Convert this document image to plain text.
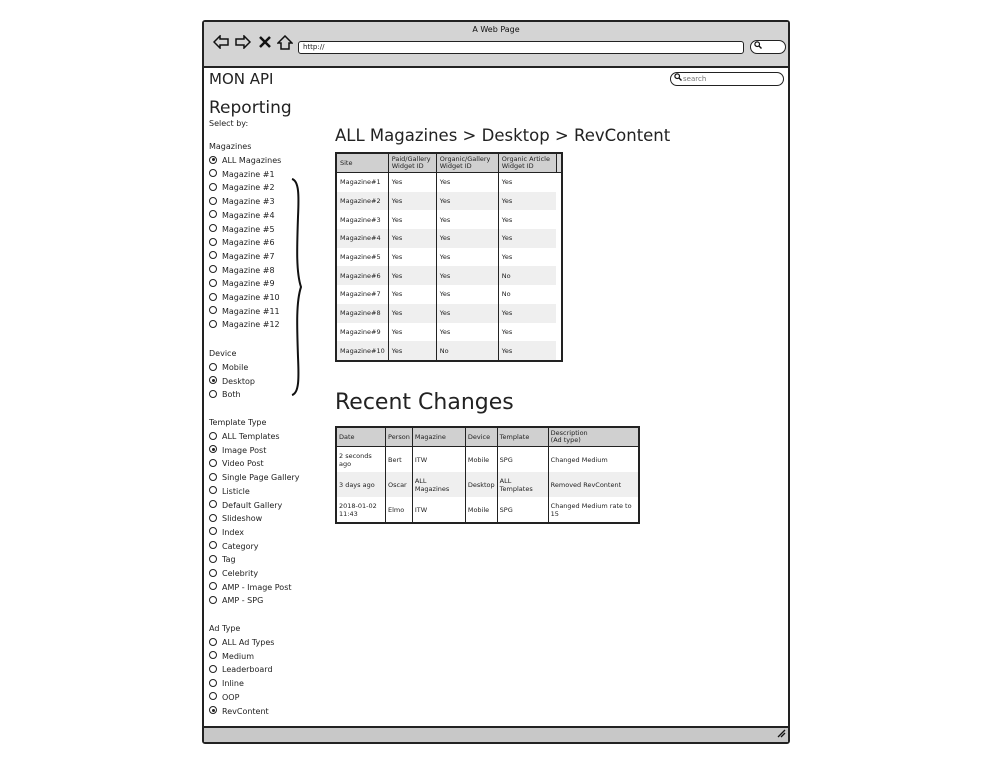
A Web Page
http://
MON API
search
Reporting
Select by:
Magazines
ALL Magazines
Magazine #1
Magazine #2
Magazine #3
Magazine #4
Magazine #5
Magazine #6
Magazine #7
Magazine #8
Magazine #9
Magazine #10
Magazine #11
Magazine #12
Device
Mobile
Desktop
Both
Template Type
ALL Templates
Image Post
Video Post
Single Page Gallery
Listicle
Default Gallery
Slideshow
Index
Category
Tag
Celebrity
AMP - Image Post
AMP - SPG
Ad Type
ALL Ad Types
Medium
Leaderboard
Inline
OOP
RevContent
ALL Magazines > Desktop > RevContent
Site	Paid/Gallery Widget ID	Organic/Gallery Widget ID	Organic Article Widget ID	
Magazine#1	Yes	Yes	Yes	
Magazine#2	Yes	Yes	Yes	
Magazine#3	Yes	Yes	Yes	
Magazine#4	Yes	Yes	Yes	
Magazine#5	Yes	Yes	Yes	
Magazine#6	Yes	Yes	No	
Magazine#7	Yes	Yes	No	
Magazine#8	Yes	Yes	Yes	
Magazine#9	Yes	Yes	Yes	
Magazine#10	Yes	No	Yes	
Recent Changes
Date	Person	Magazine	Device	Template	Description
(Ad type)
2 seconds ago	Bert	ITW	Mobile	SPG	Changed Medium
3 days ago	Oscar	ALL Magazines	Desktop	ALL Templates	Removed RevContent
2018-01-02 11:43	Elmo	ITW	Mobile	SPG	Changed Medium rate to 15
